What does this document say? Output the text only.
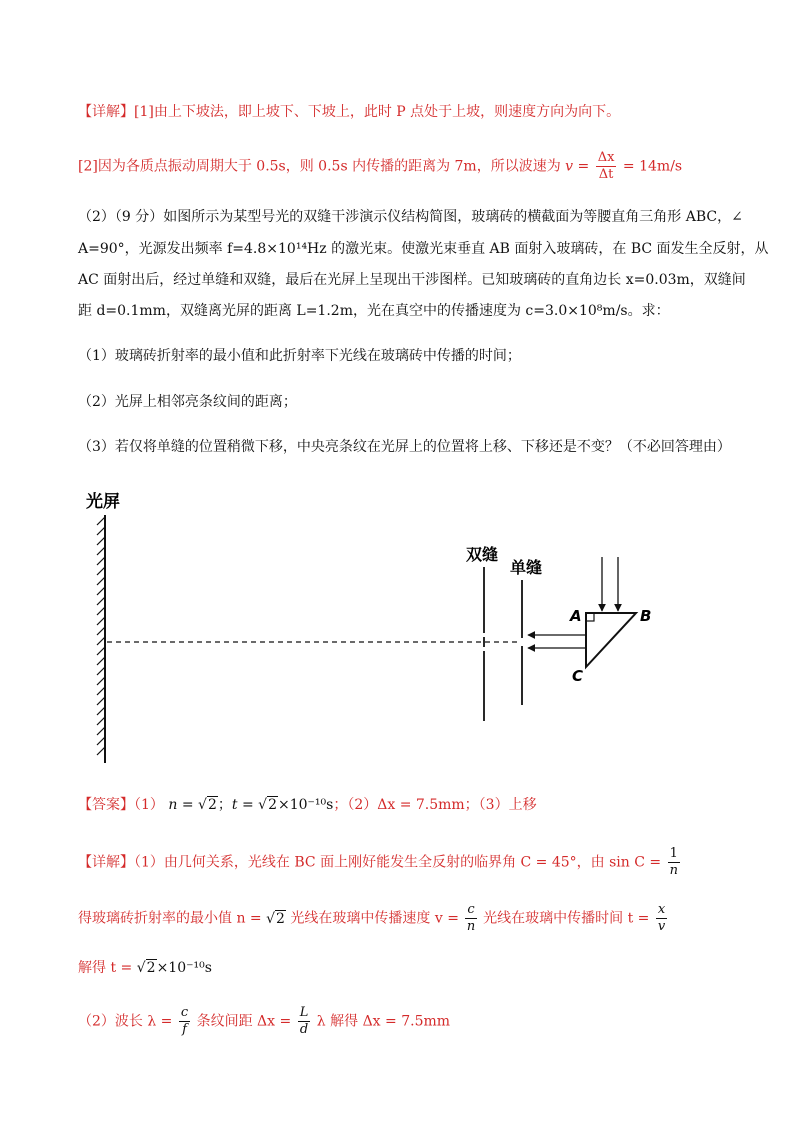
【详解】[1]由上下坡法，即上坡下、下坡上，此时 P 点处于上坡，则速度方向为向下。
[2]因为各质点振动周期大于 0.5s，则 0.5s 内传播的距离为 7m，所以波速为 $v = \frac{\Delta x}{\Delta t} = 14m/s$
（2）（9 分）如图所示为某型号光的双缝干涉演示仪结构简图，玻璃砖的横截面为等腰直角三角形 ABC，∠
A=90°，光源发出频率 f=4.8×10¹⁴Hz 的激光束。使激光束垂直 AB 面射入玻璃砖，在 BC 面发生全反射，从
AC 面射出后，经过单缝和双缝，最后在光屏上呈现出干涉图样。已知玻璃砖的直角边长 x=0.03m，双缝间
距 d=0.1mm，双缝离光屏的距离 L=1.2m，光在真空中的传播速度为 c=3.0×10⁸m/s。求：
（1）玻璃砖折射率的最小值和此折射率下光线在玻璃砖中传播的时间；
（2）光屏上相邻亮条纹间的距离；
（3）若仅将单缝的位置稍微下移，中央亮条纹在光屏上的位置将上移、下移还是不变？（不必回答理由）
光屏
双缝
单缝
A	B
C
【答案】（1） n = √2；t = √2×10⁻¹⁰s；（2）Δx = 7.5mm；（3）上移
【详解】（1）由几何关系，光线在 BC 面上刚好能发生全反射的临界角 C = 45°，由 $\sin C = \frac{1}{n}$
得玻璃砖折射率的最小值 n = √2 光线在玻璃中传播速度 $v = \frac{c}{n}$ 光线在玻璃中传播时间 $t = \frac{x}{v}$
解得 t = √2×10⁻¹⁰s
（2）波长 $\lambda = \frac{c}{f}$ 条纹间距 $\Delta x = \frac{L}{d}$ λ 解得 Δx = 7.5mm
